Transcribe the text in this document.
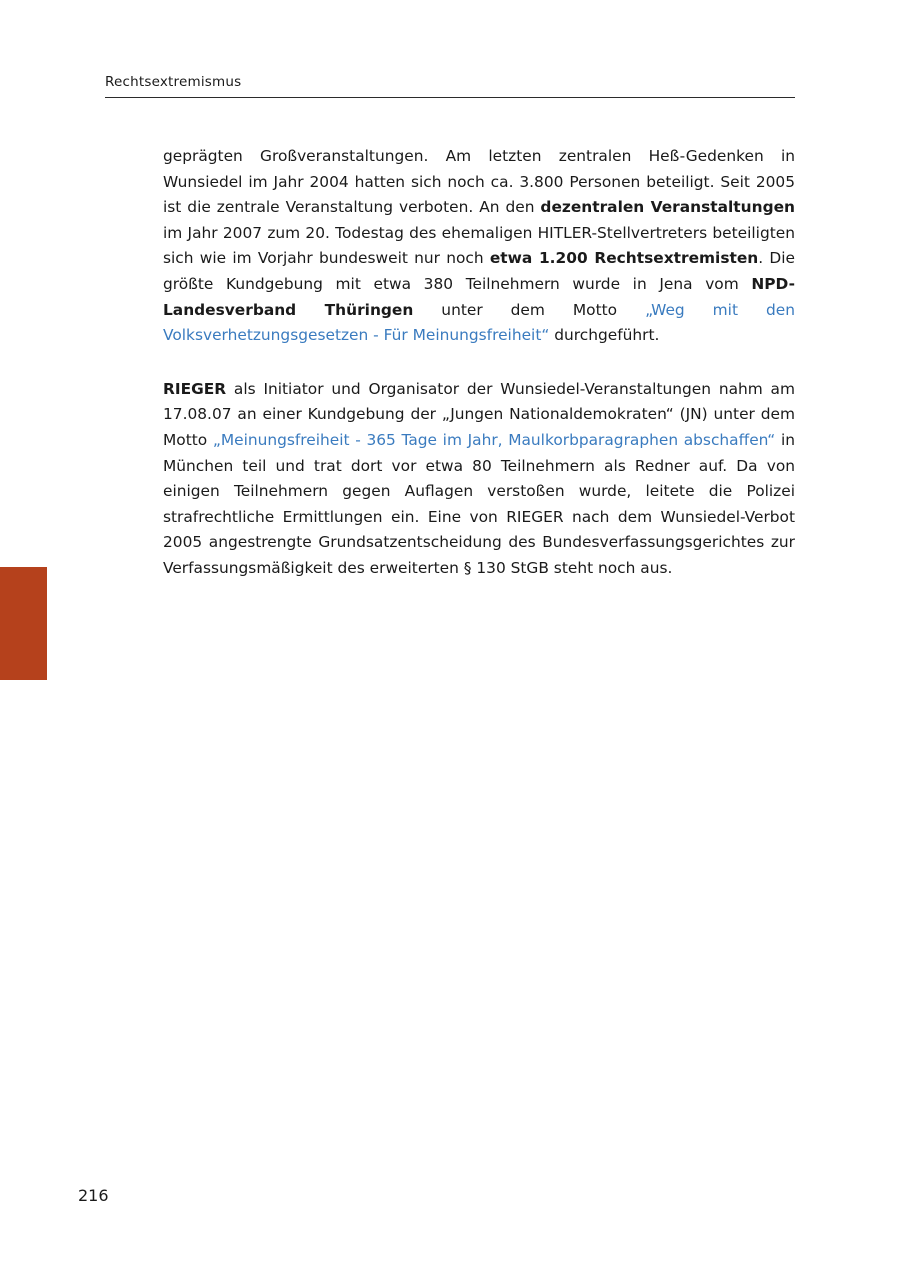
Rechtsextremismus

geprägten Großveranstaltungen. Am letzten zentralen Heß-Gedenken in Wunsiedel im Jahr 2004 hatten sich noch ca. 3.800 Personen beteiligt. Seit 2005 ist die zentrale Veranstaltung verboten. An den dezentralen Veranstaltungen im Jahr 2007 zum 20. Todestag des ehemaligen HITLER-Stellvertreters beteiligten sich wie im Vorjahr bundesweit nur noch etwa 1.200 Rechtsextremisten. Die größte Kundgebung mit etwa 380 Teilnehmern wurde in Jena vom NPD-Landesverband Thüringen unter dem Motto „Weg mit den Volksverhetzungsgesetzen - Für Meinungsfreiheit“ durchgeführt.

RIEGER als Initiator und Organisator der Wunsiedel-Veranstaltungen nahm am 17.08.07 an einer Kundgebung der „Jungen Nationaldemokraten“ (JN) unter dem Motto „Meinungsfreiheit - 365 Tage im Jahr, Maulkorbparagraphen abschaffen“ in München teil und trat dort vor etwa 80 Teilnehmern als Redner auf. Da von einigen Teilnehmern gegen Auflagen verstoßen wurde, leitete die Polizei strafrechtliche Ermittlungen ein. Eine von RIEGER nach dem Wunsiedel-Verbot 2005 angestrengte Grundsatzentscheidung des Bundesverfassungsgerichtes zur Verfassungsmäßigkeit des erweiterten § 130 StGB steht noch aus.

216
